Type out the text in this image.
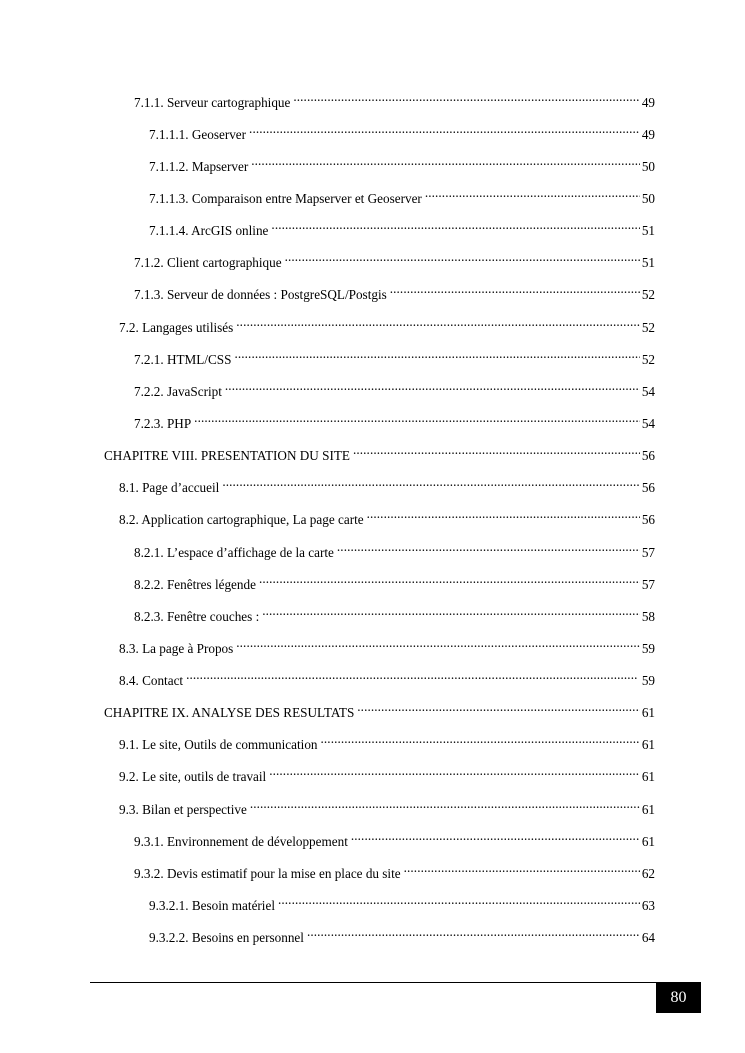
7.1.1. Serveur cartographique . . .	49
7.1.1.1. Geoserver . . .	49
7.1.1.2. Mapserver . . .	50
7.1.1.3. Comparaison entre Mapserver et Geoserver . . .	50
7.1.1.4. ArcGIS online . . .	51
7.1.2. Client cartographique . . .	51
7.1.3. Serveur de données : PostgreSQL/Postgis . . .	52
7.2. Langages utilisés . . .	52
7.2.1. HTML/CSS . . .	52
7.2.2. JavaScript . . .	54
7.2.3. PHP . . .	54
CHAPITRE VIII. PRESENTATION DU SITE . . .	56
8.1. Page d’accueil . . .	56
8.2. Application cartographique, La page carte . . .	56
8.2.1. L’espace d’affichage de la carte . . .	57
8.2.2. Fenêtres légende . . .	57
8.2.3. Fenêtre couches : . . .	58
8.3. La page à Propos . . .	59
8.4. Contact . . .	59
CHAPITRE IX. ANALYSE DES RESULTATS . . .	61
9.1. Le site, Outils de communication . . .	61
9.2. Le site, outils de travail . . .	61
9.3. Bilan et perspective . . .	61
9.3.1. Environnement de développement . . .	61
9.3.2. Devis estimatif pour la mise en place du site . . .	62
9.3.2.1. Besoin matériel . . .	63
9.3.2.2. Besoins en personnel . . .	64
80
